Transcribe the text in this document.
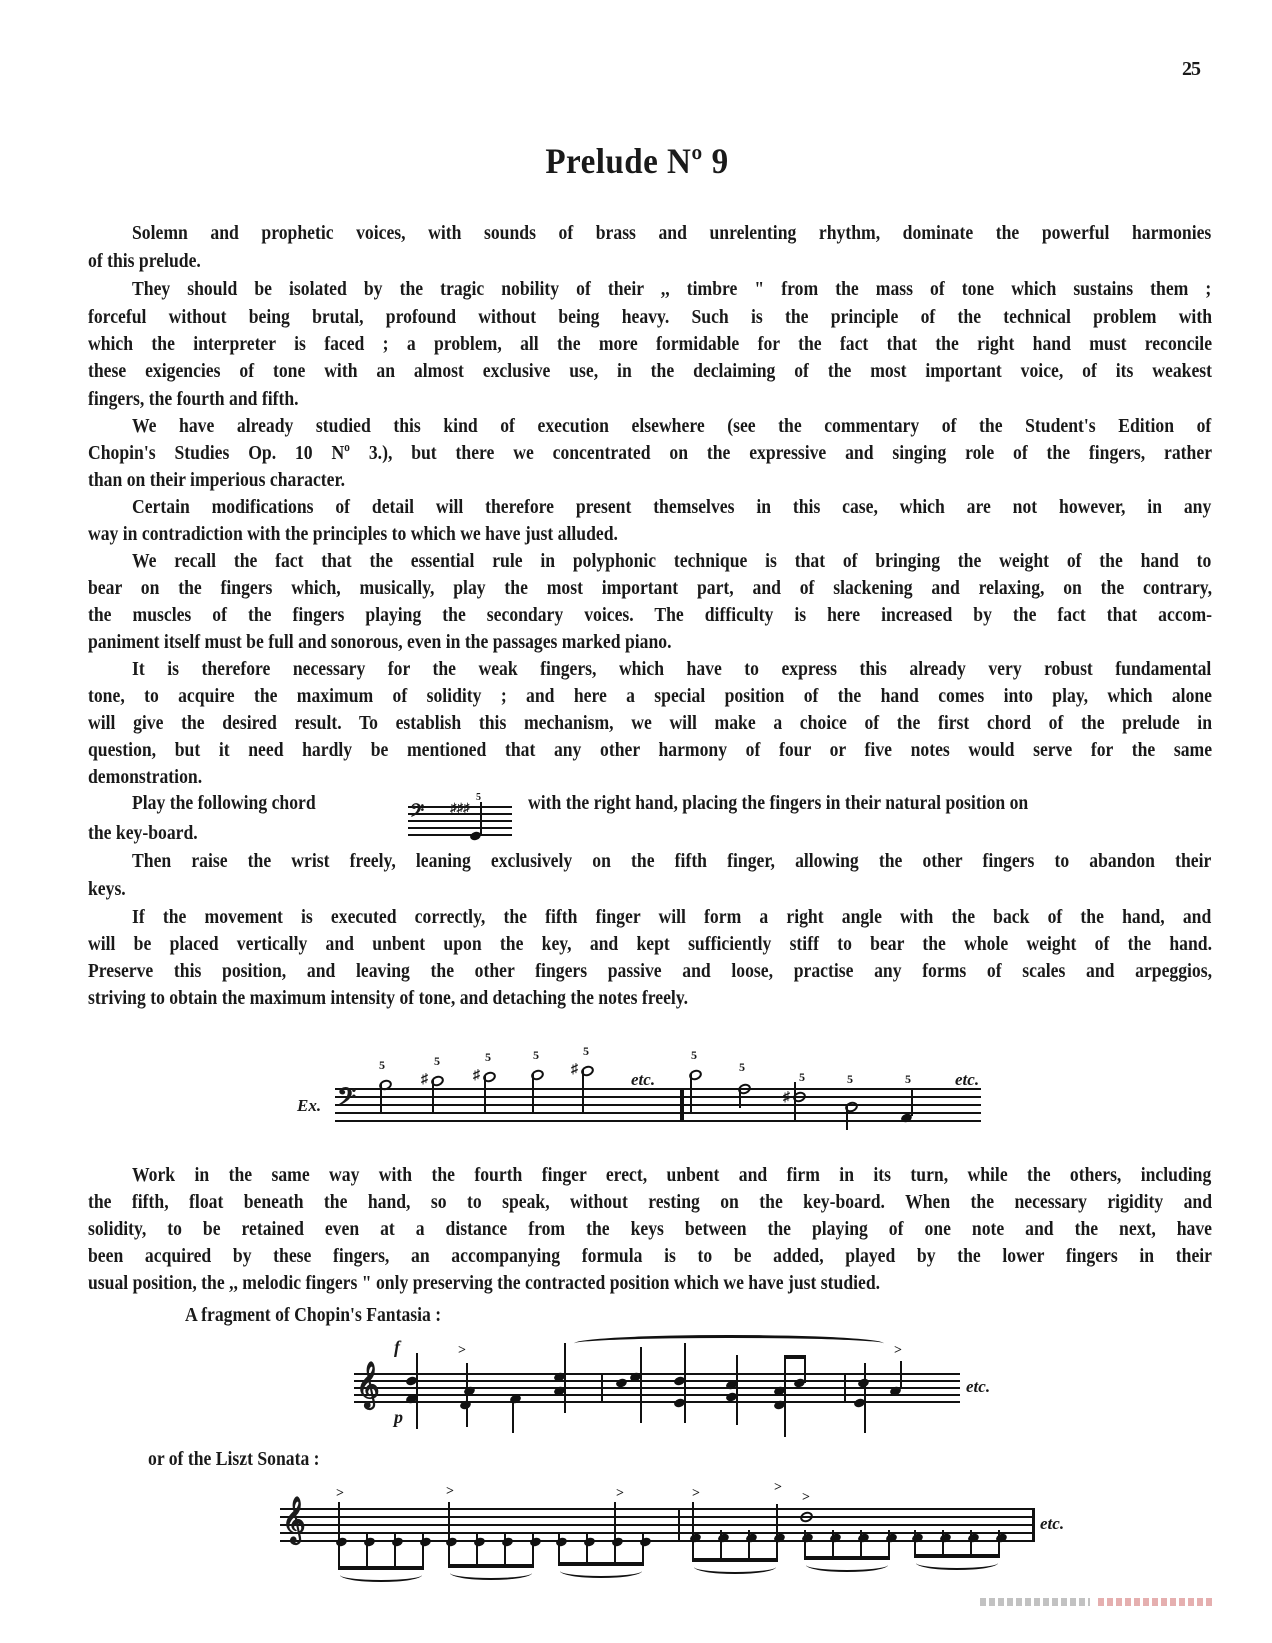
25
Prelude Nº 9
Solemn and prophetic voices, with sounds of brass and unrelenting rhythm, dominate the powerful harmonies
of this prelude.
They should be isolated by the tragic nobility of their ,, timbre " from the mass of tone which sustains them ;
forceful without being brutal, profound without being heavy. Such is the principle of the technical problem with
which the interpreter is faced ; a problem, all the more formidable for the fact that the right hand must reconcile
these exigencies of tone with an almost exclusive use, in the declaiming of the most important voice, of its weakest
fingers, the fourth and fifth.
We have already studied this kind of execution elsewhere (see the commentary of the Student's Edition of
Chopin's Studies Op. 10 Nº 3.), but there we concentrated on the expressive and singing role of the fingers, rather
than on their imperious character.
Certain modifications of detail will therefore present themselves in this case, which are not however, in any
way in contradiction with the principles to which we have just alluded.
We recall the fact that the essential rule in polyphonic technique is that of bringing the weight of the hand to
bear on the fingers which, musically, play the most important part, and of slackening and relaxing, on the contrary,
the muscles of the fingers playing the secondary voices. The difficulty is here increased by the fact that accom-
paniment itself must be full and sonorous, even in the passages marked piano.
It is therefore necessary for the weak fingers, which have to express this already very robust fundamental
tone, to acquire the maximum of solidity ; and here a special position of the hand comes into play, which alone
will give the desired result. To establish this mechanism, we will make a choice of the first chord of the prelude in
question, but it need hardly be mentioned that any other harmony of four or five notes would serve for the same
demonstration.
Play the following chord	𝄢 ♯♯♯
5 with the right hand, placing the fingers in their natural position on
the key-board.
Then raise the wrist freely, leaning exclusively on the fifth finger, allowing the other fingers to abandon their
keys.
If the movement is executed correctly, the fifth finger will form a right angle with the back of the hand, and
will be placed vertically and unbent upon the key, and kept sufficiently stiff to bear the whole weight of the hand.
Preserve this position, and leaving the other fingers passive and loose, practise any forms of scales and arpeggios,
striving to obtain the maximum intensity of tone, and detaching the notes freely.
Ex. 𝄢
5
♯
5
♯
5	5
♯
5
etc.
5
5
♯
5	5	5	etc.
Work in the same way with the fourth finger erect, unbent and firm in its turn, while the others, including
the fifth, float beneath the hand, so to speak, without resting on the key-board. When the necessary rigidity and
solidity, to be retained even at a distance from the keys between the playing of one note and the next, have
been acquired by these fingers, an accompanying formula is to be added, played by the lower fingers in their
usual position, the ,, melodic fingers " only preserving the contracted position which we have just studied.
A fragment of Chopin's Fantasia :
𝄞
f
p
>	>
etc.
or of the Liszt Sonata :
𝄞
>	>	>	>	>
>
etc.
